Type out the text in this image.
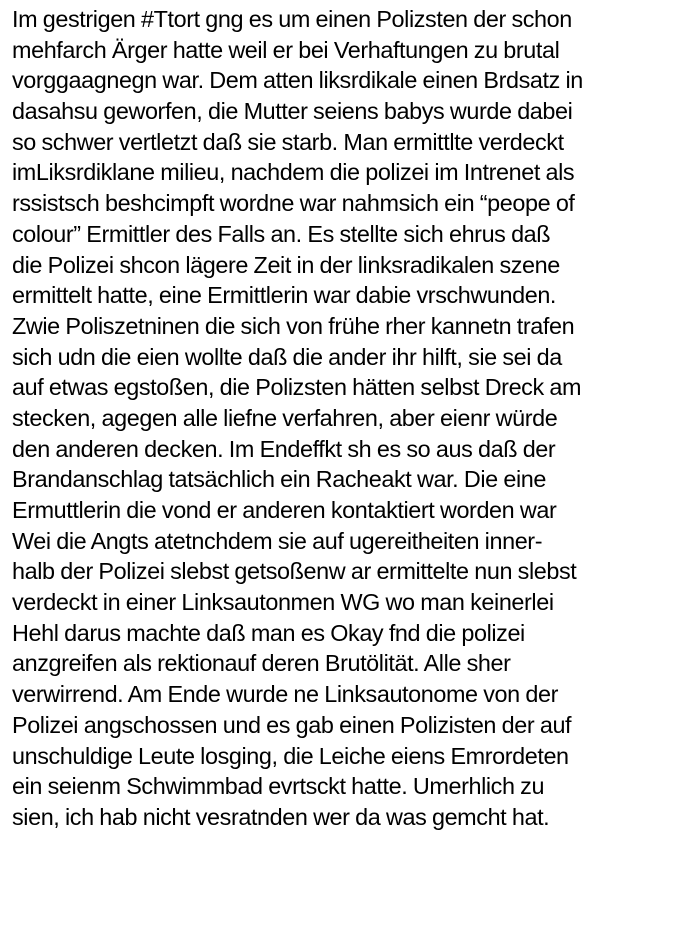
Im gestrigen #Ttort gng es um einen Polizsten der schon
mehfarch Ärger hatte weil er bei Verhaftungen zu brutal
vorggaagnegn war. Dem atten liksrdikale einen Brdsatz in
dasahsu geworfen, die Mutter seiens babys wurde dabei
so schwer vertletzt daß sie starb. Man ermittlte verdeckt
imLiksrdiklane milieu, nachdem die polizei im Intrenet als
rssistsch beshcimpft wordne war nahmsich ein “peope of
colour” Ermittler des Falls an. Es stellte sich ehrus daß
die Polizei shcon lägere Zeit in der linksradikalen szene
ermittelt hatte, eine Ermittlerin war dabie vrschwunden.
Zwie Poliszetninen die sich von frühe rher kannetn trafen
sich udn die eien wollte daß die ander ihr hilft, sie sei da
auf etwas egstoßen, die Polizsten hätten selbst Dreck am
stecken, agegen alle liefne verfahren, aber eienr würde
den anderen decken. Im Endeffkt sh es so aus daß der
Brandanschlag tatsächlich ein Racheakt war. Die eine
Ermuttlerin die vond er anderen kontaktiert worden war
Wei die Angts atetnchdem sie auf ugereitheiten inner-
halb der Polizei slebst getsoßenw ar ermittelte nun slebst
verdeckt in einer Linksautonmen WG wo man keinerlei
Hehl darus machte daß man es Okay fnd die polizei
anzgreifen als rektionauf deren Brutölität. Alle sher
verwirrend. Am Ende wurde ne Linksautonome von der
Polizei angschossen und es gab einen Polizisten der auf
unschuldige Leute losging, die Leiche eiens Emrordeten
ein seienm Schwimmbad evrtsckt hatte. Umerhlich zu
sien, ich hab nicht vesratnden wer da was gemcht hat.
